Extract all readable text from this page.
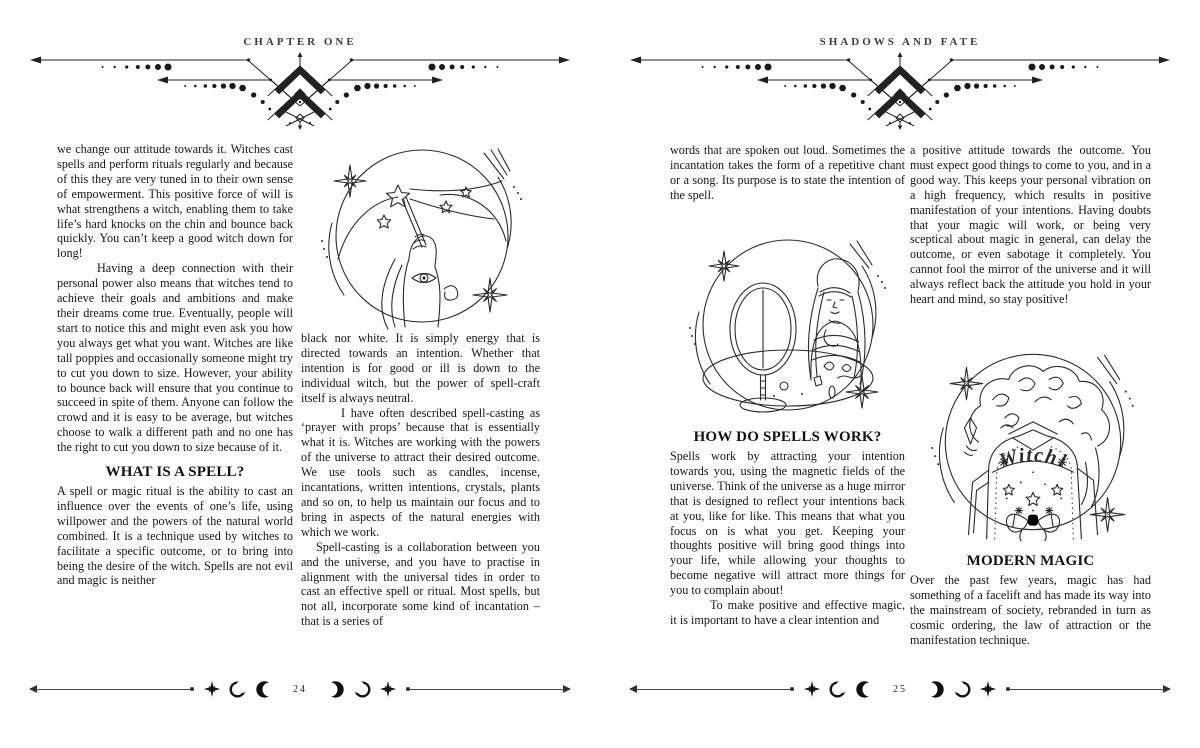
CHAPTER ONE

we change our attitude towards it. Witches cast spells and perform rituals regularly and because of this they are very tuned in to their own sense of empowerment. This positive force of will is what strengthens a witch, enabling them to take life’s hard knocks on the chin and bounce back quickly. You can’t keep a good witch down for long!

Having a deep connection with their personal power also means that witches tend to achieve their goals and ambitions and make their dreams come true. Eventually, people will start to notice this and might even ask you how you always get what you want. Witches are like tall poppies and occasionally someone might try to cut you down to size. However, your ability to bounce back will ensure that you continue to succeed in spite of them. Anyone can follow the crowd and it is easy to be average, but witches choose to walk a different path and no one has the right to cut you down to size because of it.

WHAT IS A SPELL?

A spell or magic ritual is the ability to cast an influence over the events of one’s life, using willpower and the powers of the natural world combined. It is a technique used by witches to facilitate a specific outcome, or to bring into being the desire of the witch. Spells are not evil and magic is neither

black nor white. It is simply energy that is directed towards an intention. Whether that intention is for good or ill is down to the individual witch, but the power of spell-craft itself is always neutral.

I have often described spell-casting as ‘prayer with props’ because that is essentially what it is. Witches are working with the powers of the universe to attract their desired outcome. We use tools such as candles, incense, incantations, written intentions, crystals, plants and so on, to help us maintain our focus and to bring in aspects of the natural energies with which we work.

Spell-casting is a collaboration between you and the universe, and you have to practise in alignment with the universal tides in order to cast an effective spell or ritual. Most spells, but not all, incorporate some kind of incantation – that is a series of

24
SHADOWS AND FATE

words that are spoken out loud. Sometimes the incantation takes the form of a repetitive chant or a song. Its purpose is to state the intention of the spell.

HOW DO SPELLS WORK?

Spells work by attracting your intention towards you, using the magnetic fields of the universe. Think of the universe as a huge mirror that is designed to reflect your intentions back at you, like for like. This means that what you focus on is what you get. Keeping your thoughts positive will bring good things into your life, while allowing your thoughts to become negative will attract more things for you to complain about!

To make positive and effective magic, it is important to have a clear intention and

a positive attitude towards the outcome. You must expect good things to come to you, and in a good way. This keeps your personal vibration on a high frequency, which results in positive manifestation of your intentions. Having doubts that your magic will work, or being very sceptical about magic in general, can delay the outcome, or even sabotage it completely. You cannot fool the mirror of the universe and it will always reflect back the attitude you hold in your heart and mind, so stay positive!

Witch!
MODERN MAGIC

Over the past few years, magic has had something of a facelift and has made its way into the mainstream of society, rebranded in turn as cosmic ordering, the law of attraction or the manifestation technique.

25
